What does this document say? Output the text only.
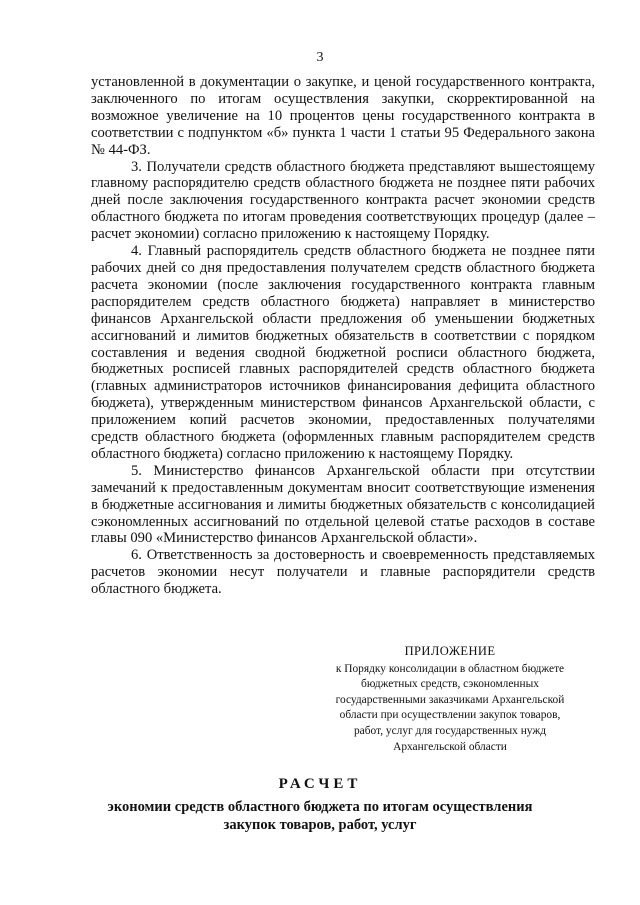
3

установленной в документации о закупке, и ценой государственного контракта, заключенного по итогам осуществления закупки, скорректированной на возможное увеличение на 10 процентов цены государственного контракта в соответствии с подпунктом «б» пункта 1 части 1 статьи 95 Федерального закона № 44-ФЗ.

3. Получатели средств областного бюджета представляют вышестоящему главному распорядителю средств областного бюджета не позднее пяти рабочих дней после заключения государственного контракта расчет экономии средств областного бюджета по итогам проведения соответствующих процедур (далее – расчет экономии) согласно приложению к настоящему Порядку.

4. Главный распорядитель средств областного бюджета не позднее пяти рабочих дней со дня предоставления получателем средств областного бюджета расчета экономии (после заключения государственного контракта главным распорядителем средств областного бюджета) направляет в министерство финансов Архангельской области предложения об уменьшении бюджетных ассигнований и лимитов бюджетных обязательств в соответствии с порядком составления и ведения сводной бюджетной росписи областного бюджета, бюджетных росписей главных распорядителей средств областного бюджета (главных администраторов источников финансирования дефицита областного бюджета), утвержденным министерством финансов Архангельской области, с приложением копий расчетов экономии, предоставленных получателями средств областного бюджета (оформленных главным распорядителем средств областного бюджета) согласно приложению к настоящему Порядку.

5. Министерство финансов Архангельской области при отсутствии замечаний к предоставленным документам вносит соответствующие изменения в бюджетные ассигнования и лимиты бюджетных обязательств с консолидацией сэкономленных ассигнований по отдельной целевой статье расходов в составе главы 090 «Министерство финансов Архангельской области».

6. Ответственность за достоверность и своевременность представляемых расчетов экономии несут получатели и главные распорядители средств областного бюджета.

ПРИЛОЖЕНИЕ
к Порядку консолидации в областном бюджете
бюджетных средств, сэкономленных
государственными заказчиками Архангельской
области при осуществлении закупок товаров,
работ, услуг для государственных нужд
Архангельской области
РАСЧЕТ
экономии средств областного бюджета по итогам осуществления
закупок товаров, работ, услуг
